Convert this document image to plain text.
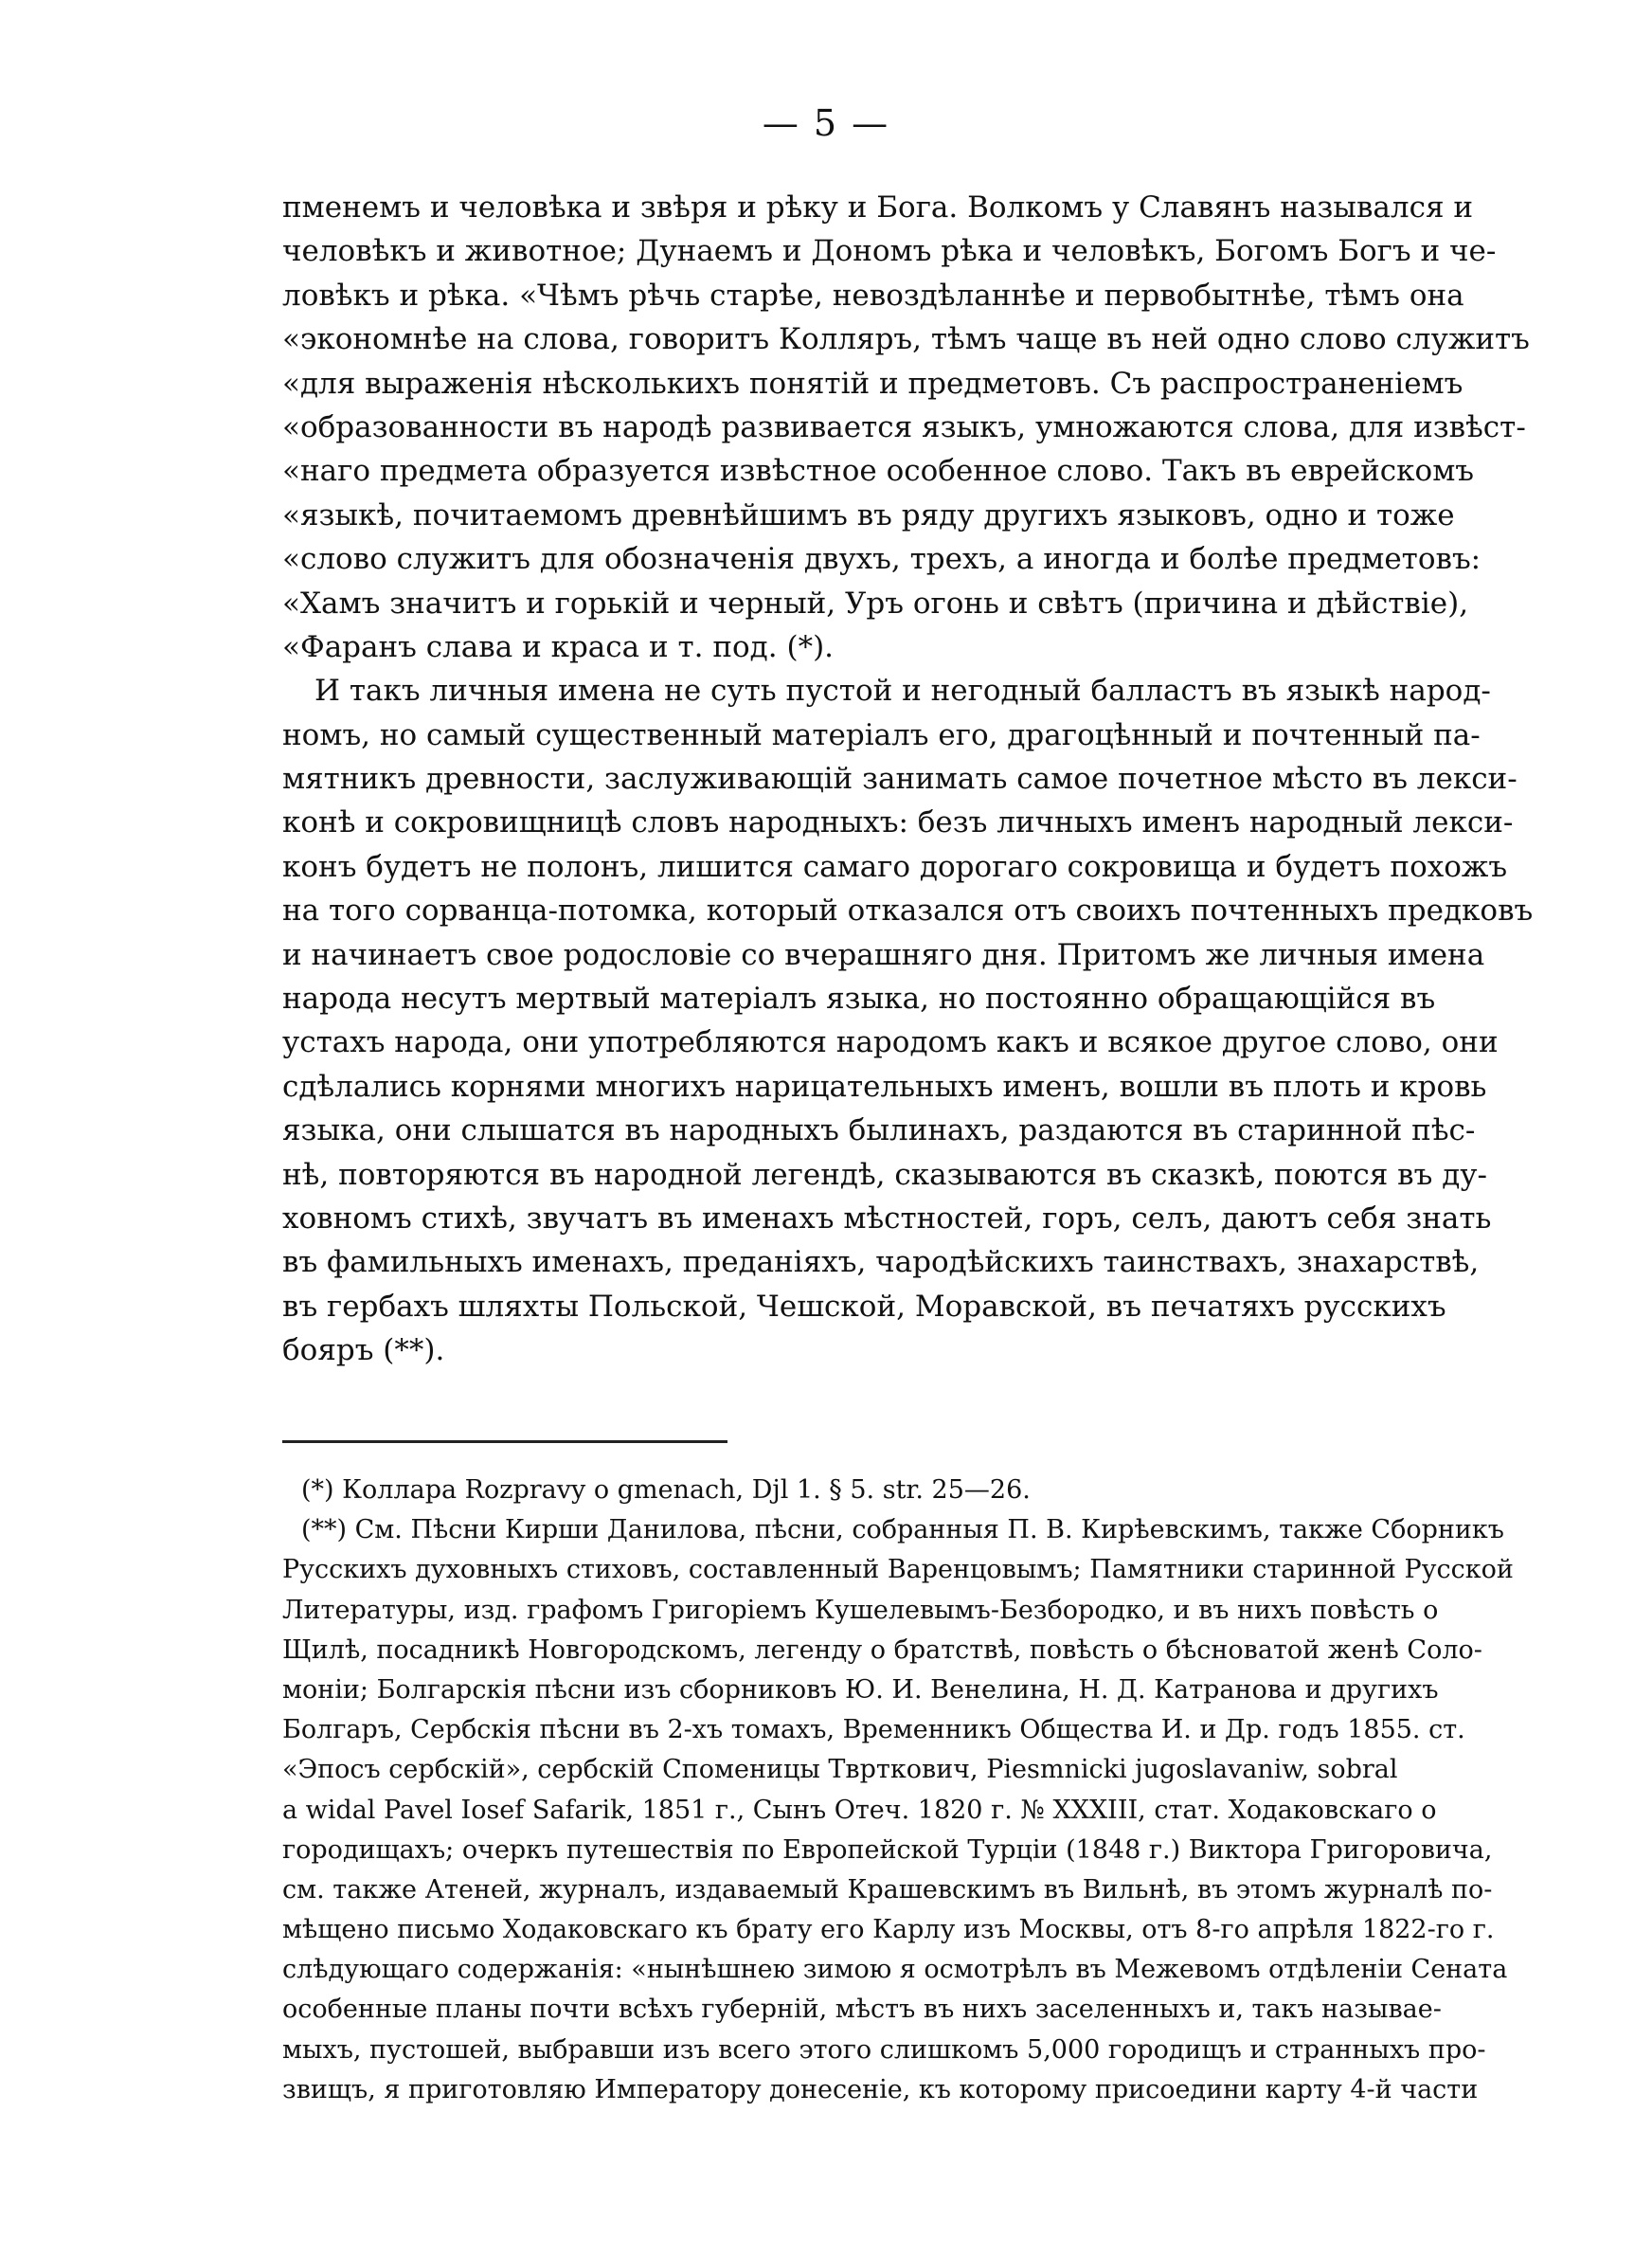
— 5 —
пменемъ и человѣка и звѣря и рѣку и Бога. Волкомъ у Славянъ назывался и
человѣкъ и животное; Дунаемъ и Дономъ рѣка и человѣкъ, Богомъ Богъ и че-
ловѣкъ и рѣка. «Чѣмъ рѣчь старѣе, невоздѣланнѣе и первобытнѣе, тѣмъ она
«экономнѣе на слова, говоритъ Колляръ, тѣмъ чаще въ ней одно слово служитъ
«для выраженія нѣсколькихъ понятій и предметовъ. Съ распространеніемъ
«образованности въ народѣ развивается языкъ, умножаются слова, для извѣст-
«наго предмета образуется извѣстное особенное слово. Такъ въ еврейскомъ
«языкѣ, почитаемомъ древнѣйшимъ въ ряду другихъ языковъ, одно и тоже
«слово служитъ для обозначенія двухъ, трехъ, а иногда и болѣе предметовъ:
«Хамъ значитъ и горькій и черный, Уръ огонь и свѣтъ (причина и дѣйствіе),
«Фаранъ слава и краса и т. под. (*).
И такъ личныя имена не суть пустой и негодный балластъ въ языкѣ народ-
номъ, но самый существенный матеріалъ его, драгоцѣнный и почтенный па-
мятникъ древности, заслуживающій занимать самое почетное мѣсто въ лекси-
конѣ и сокровищницѣ словъ народныхъ: безъ личныхъ именъ народный лекси-
конъ будетъ не полонъ, лишится самаго дорогаго сокровища и будетъ похожъ
на того сорванца-потомка, который отказался отъ своихъ почтенныхъ предковъ
и начинаетъ свое родословіе со вчерашняго дня. Притомъ же личныя имена
народа несутъ мертвый матеріалъ языка, но постоянно обращающійся въ
устахъ народа, они употребляются народомъ какъ и всякое другое слово, они
сдѣлались корнями многихъ нарицательныхъ именъ, вошли въ плоть и кровь
языка, они слышатся въ народныхъ былинахъ, раздаются въ старинной пѣс-
нѣ, повторяются въ народной легендѣ, сказываются въ сказкѣ, поются въ ду-
ховномъ стихѣ, звучатъ въ именахъ мѣстностей, горъ, селъ, даютъ себя знать
въ фамильныхъ именахъ, преданіяхъ, чародѣйскихъ таинствахъ, знахарствѣ,
въ гербахъ шляхты Польской, Чешской, Моравской, въ печатяхъ русскихъ
бояръ (**).
(*) Коллара Rozpravy o gmenach, Djl 1. § 5. str. 25—26.
(**) См. Пѣсни Кирши Данилова, пѣсни, собранныя П. В. Кирѣевскимъ, также Сборникъ
Русскихъ духовныхъ стиховъ, составленный Варенцовымъ; Памятники старинной Русской
Литературы, изд. графомъ Григоріемъ Кушелевымъ-Безбородко, и въ нихъ повѣсть о
Щилѣ, посадникѣ Новгородскомъ, легенду о братствѣ, повѣсть о бѣсноватой женѣ Соло-
моніи; Болгарскія пѣсни изъ сборниковъ Ю. И. Венелина, Н. Д. Катранова и другихъ
Болгаръ, Сербскія пѣсни въ 2-хъ томахъ, Временникъ Общества И. и Др. годъ 1855. ст.
«Эпосъ сербскій», сербскій Споменицы Тврткович, Piesmnicki jugoslavaniw, sobral
a widal Pavel Iosef Safarik, 1851 г., Сынъ Отеч. 1820 г. № XXXIII, стат. Ходаковскаго о
городищахъ; очеркъ путешествія по Европейской Турціи (1848 г.) Виктора Григоровича,
см. также Атеней, журналъ, издаваемый Крашевскимъ въ Вильнѣ, въ этомъ журналѣ по-
мѣщено письмо Ходаковскаго къ брату его Карлу изъ Москвы, отъ 8-го апрѣля 1822-го г.
слѣдующаго содержанія: «нынѣшнею зимою я осмотрѣлъ въ Межевомъ отдѣленіи Сената
особенные планы почти всѣхъ губерній, мѣстъ въ нихъ заселенныхъ и, такъ называе-
мыхъ, пустошей, выбравши изъ всего этого слишкомъ 5,000 городищъ и странныхъ про-
звищъ, я приготовляю Императору донесеніе, къ которому присоедини карту 4-й части
